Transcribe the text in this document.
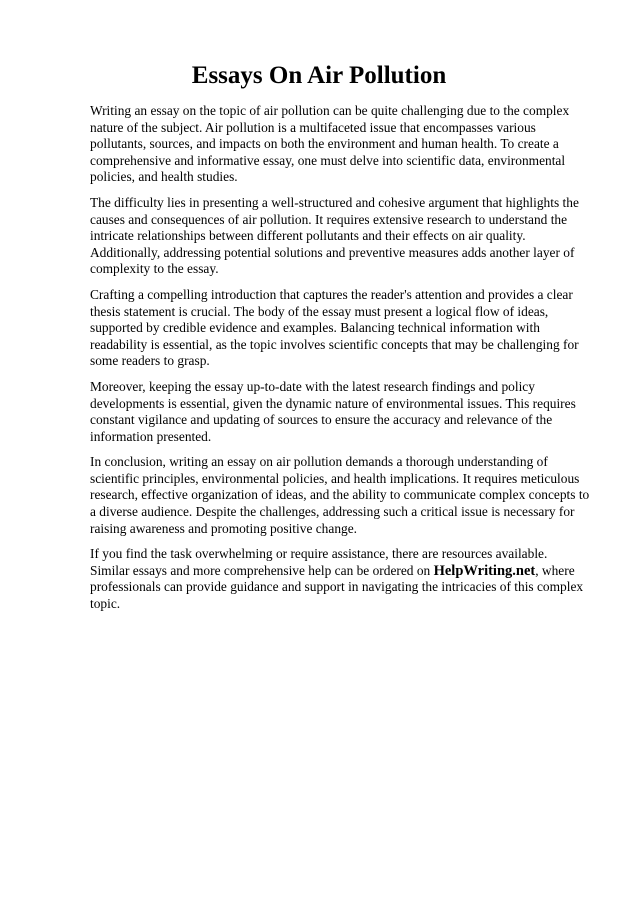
Essays On Air Pollution

Writing an essay on the topic of air pollution can be quite challenging due to the complex nature of the subject. Air pollution is a multifaceted issue that encompasses various pollutants, sources, and impacts on both the environment and human health. To create a comprehensive and informative essay, one must delve into scientific data, environmental policies, and health studies.

The difficulty lies in presenting a well-structured and cohesive argument that highlights the causes and consequences of air pollution. It requires extensive research to understand the intricate relationships between different pollutants and their effects on air quality. Additionally, addressing potential solutions and preventive measures adds another layer of complexity to the essay.

Crafting a compelling introduction that captures the reader's attention and provides a clear thesis statement is crucial. The body of the essay must present a logical flow of ideas, supported by credible evidence and examples. Balancing technical information with readability is essential, as the topic involves scientific concepts that may be challenging for some readers to grasp.

Moreover, keeping the essay up-to-date with the latest research findings and policy developments is essential, given the dynamic nature of environmental issues. This requires constant vigilance and updating of sources to ensure the accuracy and relevance of the information presented.

In conclusion, writing an essay on air pollution demands a thorough understanding of scientific principles, environmental policies, and health implications. It requires meticulous research, effective organization of ideas, and the ability to communicate complex concepts to a diverse audience. Despite the challenges, addressing such a critical issue is necessary for raising awareness and promoting positive change.

If you find the task overwhelming or require assistance, there are resources available. Similar essays and more comprehensive help can be ordered on HelpWriting.net, where professionals can provide guidance and support in navigating the intricacies of this complex topic.
